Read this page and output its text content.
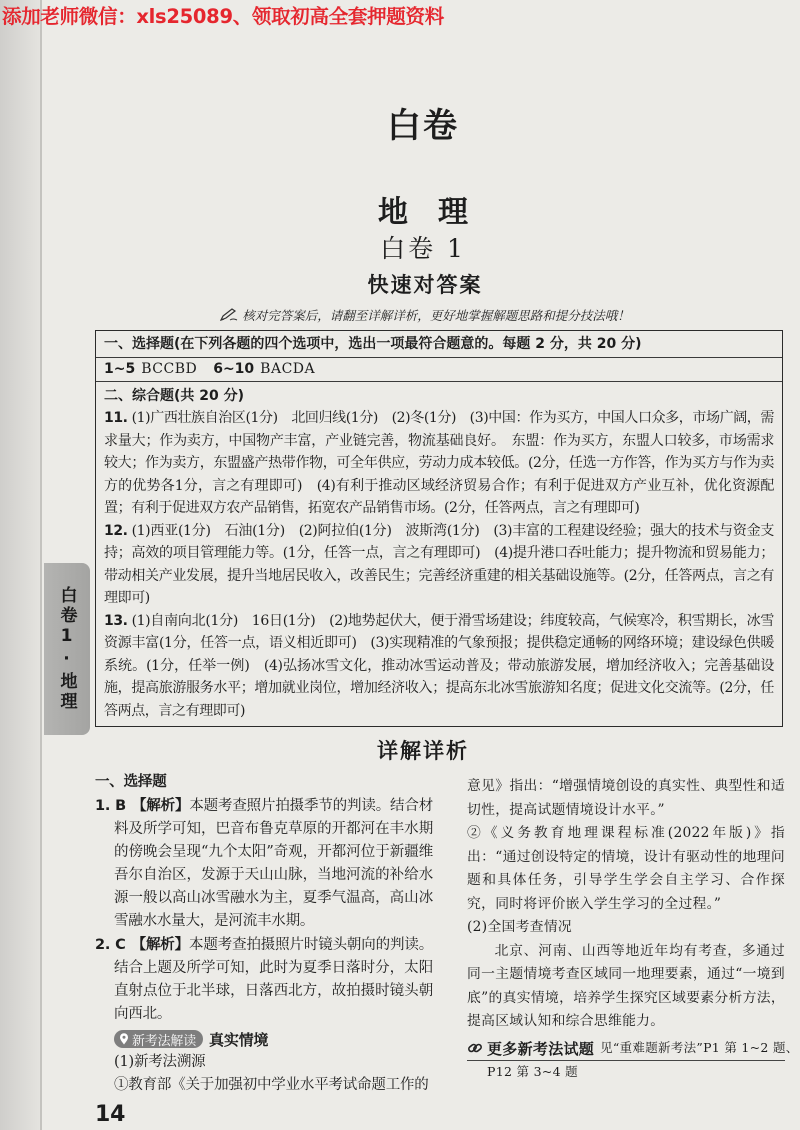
添加老师微信：xls25089、领取初高全套押题资料
白卷
地　理
白卷 1
快速对答案
核对完答案后，请翻至详解详析，更好地掌握解题思路和提分技法哦！
一、选择题(在下列各题的四个选项中，选出一项最符合题意的。每题 2 分，共 20 分)
1~5 BCCBD 6~10 BACDA
二、综合题(共 20 分)
11. (1)广西壮族自治区(1分)　北回归线(1分)　(2)冬(1分)　(3)中国：作为买方，中国人口众多，市场广阔，需求量大；作为卖方，中国物产丰富，产业链完善，物流基础良好。　东盟：作为买方，东盟人口较多，市场需求较大；作为卖方，东盟盛产热带作物，可全年供应，劳动力成本较低。(2分，任选一方作答，作为买方与作为卖方的优势各1分，言之有理即可)　(4)有利于推动区域经济贸易合作；有利于促进双方产业互补，优化资源配置；有利于促进双方农产品销售，拓宽农产品销售市场。(2分，任答两点，言之有理即可)
12. (1)西亚(1分)　石油(1分)　(2)阿拉伯(1分)　波斯湾(1分)　(3)丰富的工程建设经验；强大的技术与资金支持；高效的项目管理能力等。(1分，任答一点，言之有理即可)　(4)提升港口吞吐能力；提升物流和贸易能力；带动相关产业发展，提升当地居民收入，改善民生；完善经济重建的相关基础设施等。(2分，任答两点，言之有理即可)
13. (1)自南向北(1分)　16日(1分)　(2)地势起伏大，便于滑雪场建设；纬度较高，气候寒冷，积雪期长，冰雪资源丰富(1分，任答一点，语义相近即可)　(3)实现精准的气象预报；提供稳定通畅的网络环境；建设绿色供暖系统。(1分，任举一例)　(4)弘扬冰雪文化，推动冰雪运动普及；带动旅游发展，增加经济收入；完善基础设施，提高旅游服务水平；增加就业岗位，增加经济收入；提高东北冰雪旅游知名度；促进文化交流等。(2分，任答两点，言之有理即可)
详解详析
一、选择题
1. B 【解析】本题考查照片拍摄季节的判读。结合材料及所学可知，巴音布鲁克草原的开都河在丰水期的傍晚会呈现“九个太阳”奇观，开都河位于新疆维吾尔自治区，发源于天山山脉，当地河流的补给水源一般以高山冰雪融水为主，夏季气温高，高山冰雪融水水量大，是河流丰水期。
2. C 【解析】本题考查拍摄照片时镜头朝向的判读。结合上题及所学可知，此时为夏季日落时分，太阳直射点位于北半球，日落西北方，故拍摄时镜头朝向西北。
新考法解读 真实情境
(1)新考法溯源
①教育部《关于加强初中学业水平考试命题工作的
14

意见》指出：“增强情境创设的真实性、典型性和适切性，提高试题情境设计水平。”

②《义务教育地理课程标准(2022年版)》指出：“通过创设特定的情境，设计有驱动性的地理问题和具体任务，引导学生学会自主学习、合作探究，同时将评价嵌入学生学习的全过程。”

(2)全国考查情况

北京、河南、山西等地近年均有考查，多通过同一主题情境考查区域同一地理要素，通过“一境到底”的真实情境，培养学生探究区域要素分析方法，提高区域认知和综合思维能力。

更多新考法试题 见“重难题新考法”P1 第 1~2 题、
P12 第 3~4 题
白卷1·地理
